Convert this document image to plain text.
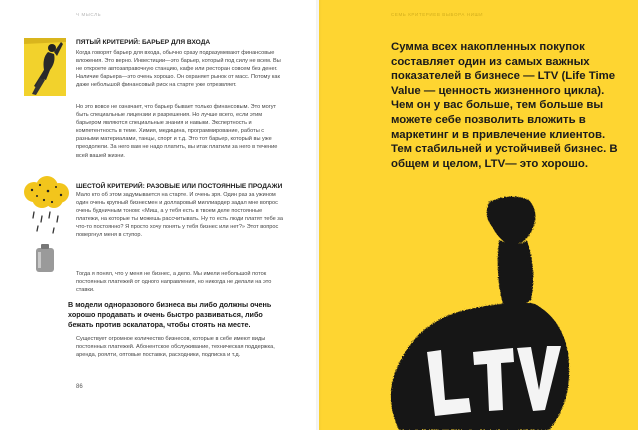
Ч МЫСЛЬ
ПЯТЫЙ КРИТЕРИЙ: БАРЬЕР ДЛЯ ВХОДА

Когда говорят барьер для входа, обычно сразу подразумевают финансовые вложения. Это верно. Инвестиции—это барьер, который под силу не всем. Вы не откроете автозаправочную станцию, кафе или ресторан совсем без денег. Наличие барьера—это очень хорошо. Он охраняет рынок от масс. Потому как даже небольшой финансовый риск на старте уже отрезвляет.

Но это вовсе не означает, что барьер бывает только финансовым. Это могут быть специальные лицензии и разрешения. Но лучше всего, если этим барьером являются специальные знания и навыки. Экспертность и компетентность в теме. Химия, медицина, программирование, работы с разными материалами, танцы, спорт и т.д. Это тот барьер, который вы уже преодолели. За него вам не надо платить, вы итак платили за него в течение всей вашей жизни.

ШЕСТОЙ КРИТЕРИЙ: РАЗОВЫЕ ИЛИ ПОСТОЯННЫЕ ПРОДАЖИ

Мало кто об этом задумывается на старте. И очень зря. Один раз за ужином один очень крупный бизнесмен и долларовый миллиардер задал мне вопрос очень будничным тоном: «Миш, а у тебя есть в твоем деле постоянные платежи, на которые ты можешь рассчитывать. Ну то есть люди платят тебе за что-то постоянно? Я просто хочу понять у тебя бизнес или нет?» Этот вопрос повергнул меня в ступор.

Тогда я понял, что у меня не бизнес, а дело. Мы имели небольшой поток постоянных платежей от одного направления, но никогда не делали на это ставки.

В модели одноразового бизнеса вы либо должны очень хорошо продавать и очень быстро развиваться, либо бежать против эскалатора, чтобы стоять на месте.

Существует огромное количество бизнесов, которые в себе имеют виды постоянных платежей. Абонентское обслуживание, техническая поддержка, аренда, роялти, оптовые поставки, расходники, подписка и т.д.

86
СЕМЬ КРИТЕРИЕВ ВЫБОРА НИШИ

Сумма всех накопленных покупок составляет один из самых важных показателей в бизнесе — LTV (Life Time Value — ценность жизненного цикла). Чем он у вас больше, тем больше вы можете себе позволить вложить в маркетинг и в привлечение клиентов. Тем стабильней и устойчивей бизнес. В общем и целом, LTV— это хорошо.
